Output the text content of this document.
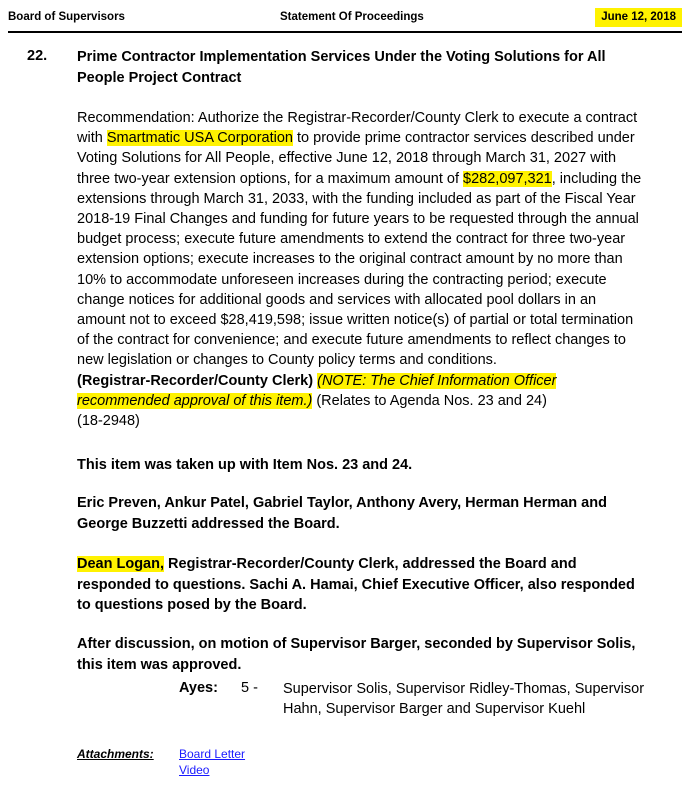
Board of Supervisors	Statement Of Proceedings	June 12, 2018
22. Prime Contractor Implementation Services Under the Voting Solutions for All People Project Contract
Recommendation: Authorize the Registrar-Recorder/County Clerk to execute a contract with Smartmatic USA Corporation to provide prime contractor services described under Voting Solutions for All People, effective June 12, 2018 through March 31, 2027 with three two-year extension options, for a maximum amount of $282,097,321, including the extensions through March 31, 2033, with the funding included as part of the Fiscal Year 2018-19 Final Changes and funding for future years to be requested through the annual budget process; execute future amendments to extend the contract for three two-year extension options; execute increases to the original contract amount by no more than 10% to accommodate unforeseen increases during the contracting period; execute change notices for additional goods and services with allocated pool dollars in an amount not to exceed $28,419,598; issue written notice(s) of partial or total termination of the contract for convenience; and execute future amendments to reflect changes to new legislation or changes to County policy terms and conditions.
(Registrar-Recorder/County Clerk) (NOTE: The Chief Information Officer recommended approval of this item.) (Relates to Agenda Nos. 23 and 24)
(18-2948)
This item was taken up with Item Nos. 23 and 24.
Eric Preven, Ankur Patel, Gabriel Taylor, Anthony Avery, Herman Herman and George Buzzetti addressed the Board.
Dean Logan, Registrar-Recorder/County Clerk, addressed the Board and responded to questions. Sachi A. Hamai, Chief Executive Officer, also responded to questions posed by the Board.
After discussion, on motion of Supervisor Barger, seconded by Supervisor Solis, this item was approved.
Ayes: 5 - Supervisor Solis, Supervisor Ridley-Thomas, Supervisor Hahn, Supervisor Barger and Supervisor Kuehl
Attachments: Board Letter
Video
